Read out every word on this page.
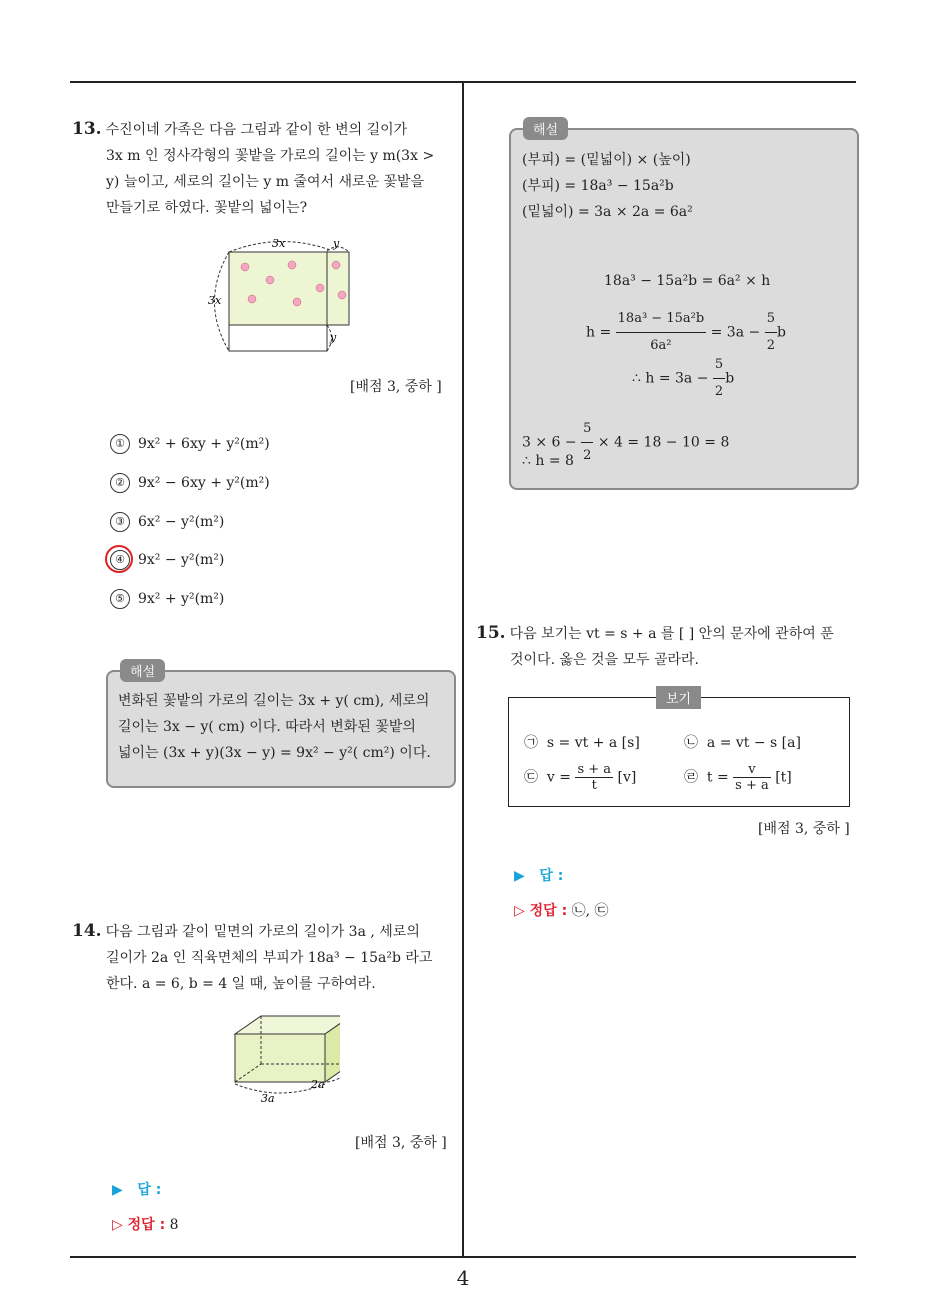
13. 수진이네 가족은 다음 그림과 같이 한 변의 길이가
3x m 인 정사각형의 꽃밭을 가로의 길이는 y m(3x >
y) 늘이고, 세로의 길이는 y m 줄여서 새로운 꽃밭을
만들기로 하였다. 꽃밭의 넓이는?
3x	y
3x
y
[배점 3, 중하 ]
① 9x² + 6xy + y²(m²)
② 9x² − 6xy + y²(m²)
③ 6x² − y²(m²)
④ 9x² − y²(m²)
⑤ 9x² + y²(m²)
해설
변화된 꽃밭의 가로의 길이는 3x + y( cm), 세로의
길이는 3x − y( cm) 이다. 따라서 변화된 꽃밭의
넓이는 (3x + y)(3x − y) = 9x² − y²( cm²) 이다.
14. 다음 그림과 같이 밑면의 가로의 길이가 3a , 세로의
길이가 2a 인 직육면체의 부피가 18a³ − 15a²b 라고
한다. a = 6, b = 4 일 때, 높이를 구하여라.
3a
2a
[배점 3, 중하 ]
▶   답 :
▷ 정답 : 8
해설
(부피) = (밑넓이) × (높이)
(부피) = 18a³ − 15a²b
(밑넓이) = 3a × 2a = 6a²
18a³ − 15a²b = 6a² × h
$h = \frac{\text{18a³ − 15a²b}}{\text{6a²}} = 3a - \frac{5}{2}$ b
∴ $h = 3a - \frac{5}{2}$ b
$3 \times 6 - \frac{5}{2} \times 4 = 18 - 10 = 8$
∴ h = 8
15. 다음 보기는 vt = s + a 를 [ ] 안의 문자에 관하여 푼
것이다. 옳은 것을 모두 골라라.
보기
㉠ s = vt + a [s]	㉡ a = vt − s [a]
㉢ $v = \frac{s + a}{t} [v]$	㉣ $t = \frac{v}{s + a} [t]$
[배점 3, 중하 ]
▶   답 :
▷ 정답 : ㉡, ㉢
4
